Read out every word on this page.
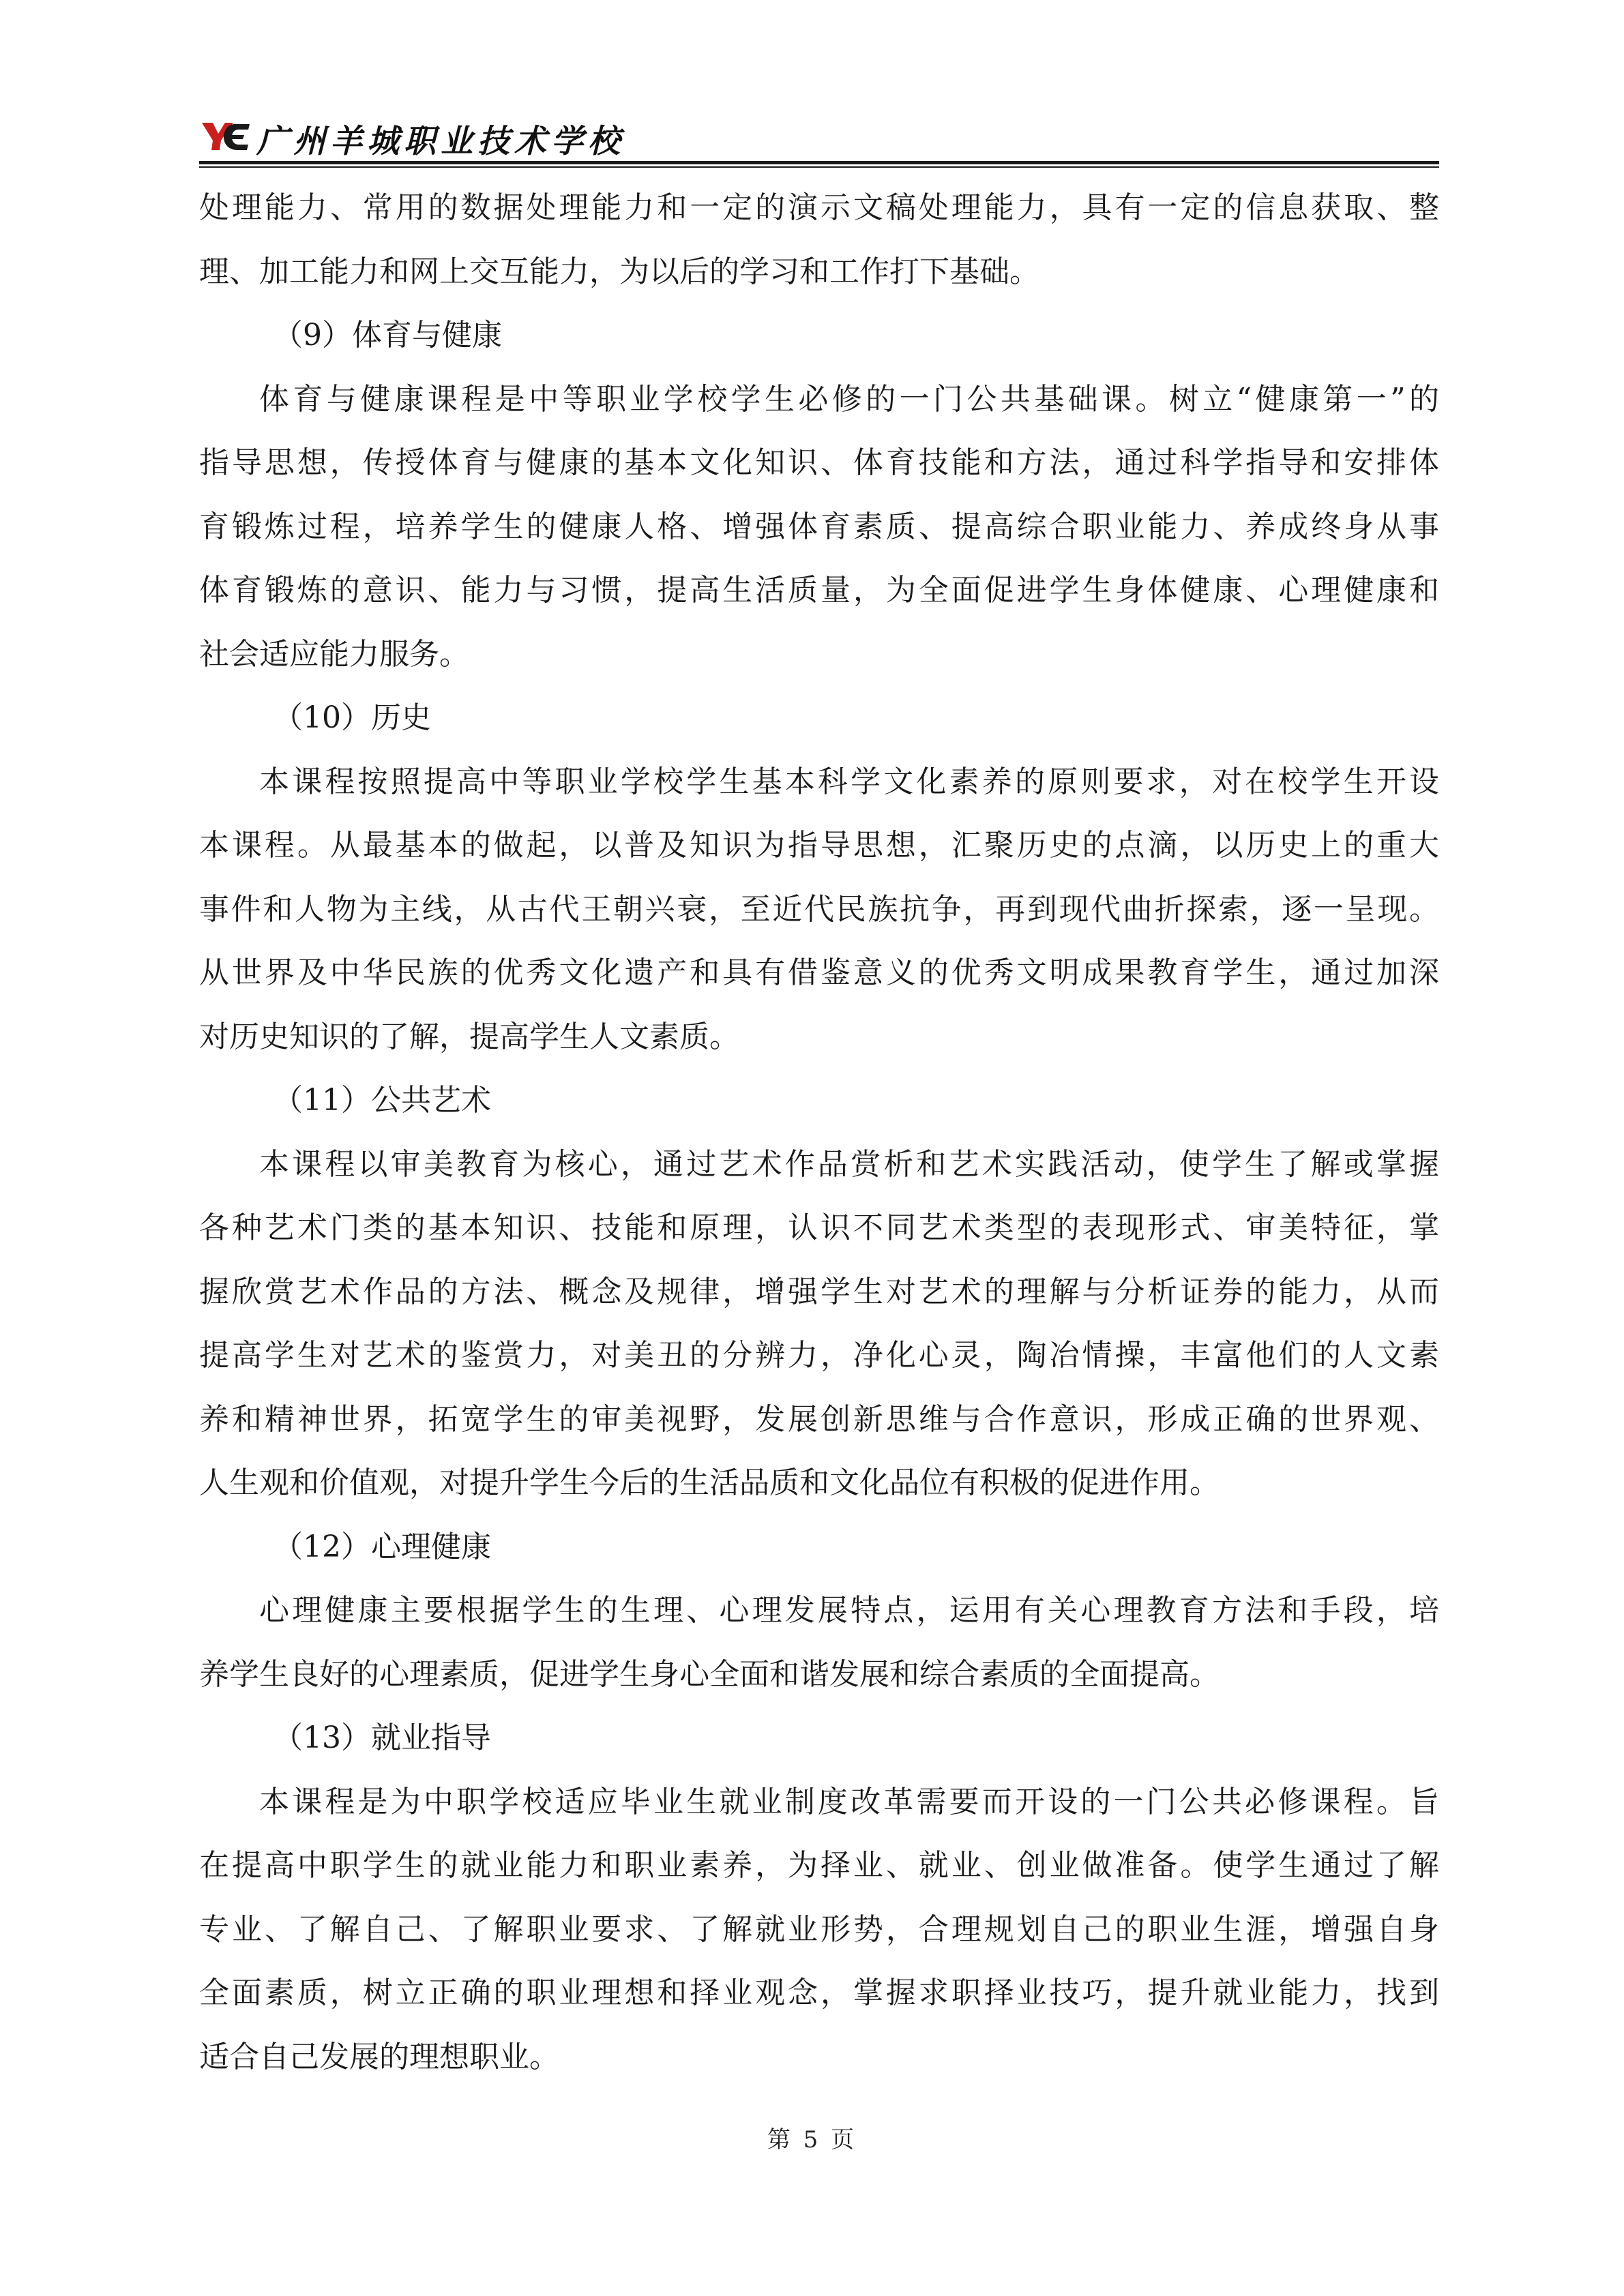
广州羊城职业技术学校
处理能力、常用的数据处理能力和一定的演示文稿处理能力，具有一定的信息获取、整
理、加工能力和网上交互能力，为以后的学习和工作打下基础。
（9）体育与健康
体育与健康课程是中等职业学校学生必修的一门公共基础课。树立“健康第一”的
指导思想，传授体育与健康的基本文化知识、体育技能和方法，通过科学指导和安排体
育锻炼过程，培养学生的健康人格、增强体育素质、提高综合职业能力、养成终身从事
体育锻炼的意识、能力与习惯，提高生活质量，为全面促进学生身体健康、心理健康和
社会适应能力服务。
（10）历史
本课程按照提高中等职业学校学生基本科学文化素养的原则要求，对在校学生开设
本课程。从最基本的做起，以普及知识为指导思想，汇聚历史的点滴，以历史上的重大
事件和人物为主线，从古代王朝兴衰，至近代民族抗争，再到现代曲折探索，逐一呈现。
从世界及中华民族的优秀文化遗产和具有借鉴意义的优秀文明成果教育学生，通过加深
对历史知识的了解，提高学生人文素质。
（11）公共艺术
本课程以审美教育为核心，通过艺术作品赏析和艺术实践活动，使学生了解或掌握
各种艺术门类的基本知识、技能和原理，认识不同艺术类型的表现形式、审美特征，掌
握欣赏艺术作品的方法、概念及规律，增强学生对艺术的理解与分析证券的能力，从而
提高学生对艺术的鉴赏力，对美丑的分辨力，净化心灵，陶冶情操，丰富他们的人文素
养和精神世界，拓宽学生的审美视野，发展创新思维与合作意识，形成正确的世界观、
人生观和价值观，对提升学生今后的生活品质和文化品位有积极的促进作用。
（12）心理健康
心理健康主要根据学生的生理、心理发展特点，运用有关心理教育方法和手段，培
养学生良好的心理素质，促进学生身心全面和谐发展和综合素质的全面提高。
（13）就业指导
本课程是为中职学校适应毕业生就业制度改革需要而开设的一门公共必修课程。旨
在提高中职学生的就业能力和职业素养，为择业、就业、创业做准备。使学生通过了解
专业、了解自己、了解职业要求、了解就业形势，合理规划自己的职业生涯，增强自身
全面素质，树立正确的职业理想和择业观念，掌握求职择业技巧，提升就业能力，找到
适合自己发展的理想职业。
第 5 页
